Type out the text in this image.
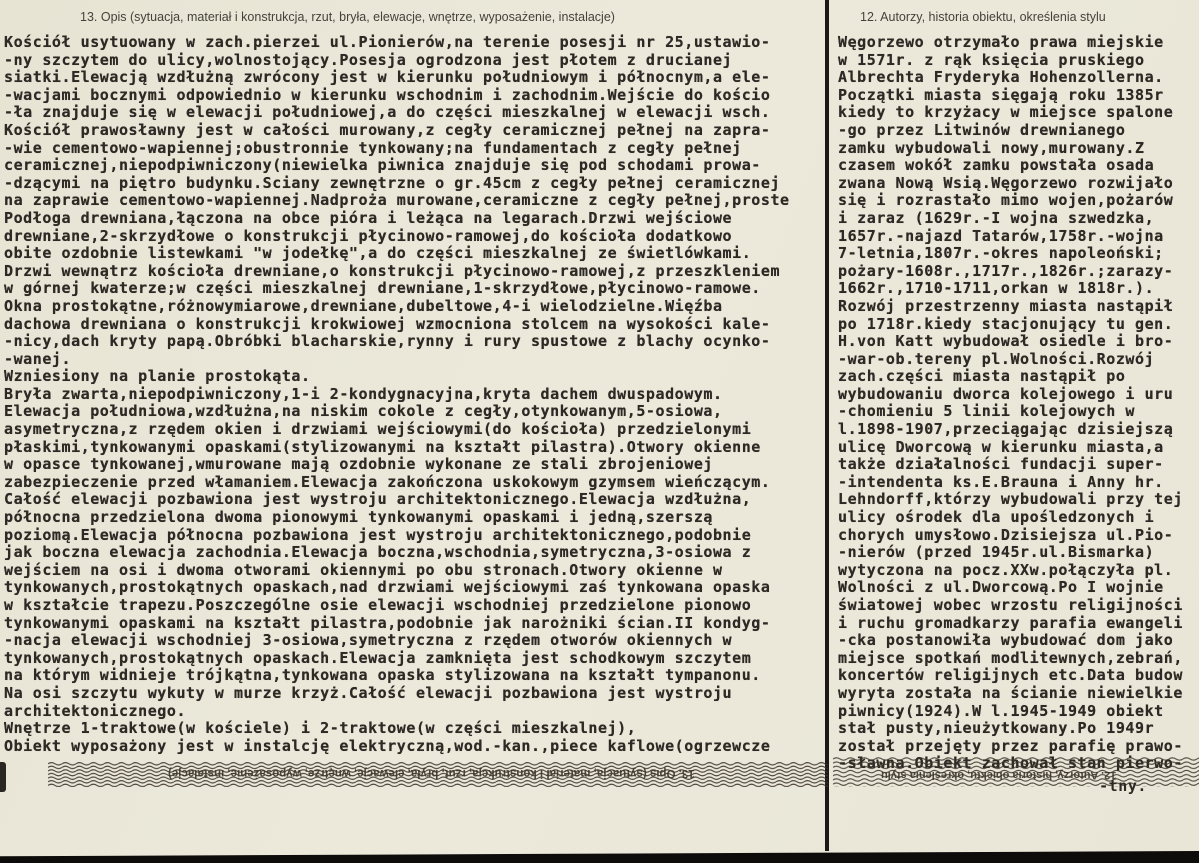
13. Opis (sytuacja, materiał i konstrukcja, rzut, bryła, elewacje, wnętrze, wyposażenie, instalacje)
Kościół usytuowany w zach.pierzei ul.Pionierów,na terenie posesji nr 25,ustawio-
-ny szczytem do ulicy,wolnostojący.Posesja ogrodzona jest płotem z drucianej
siatki.Elewacją wzdłużną zwrócony jest w kierunku południowym i północnym,a ele-
-wacjami bocznymi odpowiednio w kierunku wschodnim i zachodnim.Wejście do kościo
-ła znajduje się w elewacji południowej,a do części mieszkalnej w elewacji wsch.
Kościół prawosławny jest w całości murowany,z cegły ceramicznej pełnej na zapra-
-wie cementowo-wapiennej;obustronnie tynkowany;na fundamentach z cegły pełnej
ceramicznej,niepodpiwniczony(niewielka piwnica znajduje się pod schodami prowa-
-dzącymi na piętro budynku.Sciany zewnętrzne o gr.45cm z cegły pełnej ceramicznej
na zaprawie cementowo-wapiennej.Nadproża murowane,ceramiczne z cegły pełnej,proste
Podłoga drewniana,łączona na obce pióra i leżąca na legarach.Drzwi wejściowe
drewniane,2-skrzydłowe o konstrukcji płycinowo-ramowej,do kościoła dodatkowo
obite ozdobnie listewkami "w jodełkę",a do części mieszkalnej ze świetlówkami.
Drzwi wewnątrz kościoła drewniane,o konstrukcji płycinowo-ramowej,z przeszkleniem
w górnej kwaterze;w części mieszkalnej drewniane,1-skrzydłowe,płycinowo-ramowe.
Okna prostokątne,różnowymiarowe,drewniane,dubeltowe,4-i wielodzielne.Więźba
dachowa drewniana o konstrukcji krokwiowej wzmocniona stolcem na wysokości kale-
-nicy,dach kryty papą.Obróbki blacharskie,rynny i rury spustowe z blachy ocynko-
-wanej.
Wzniesiony na planie prostokąta.
Bryła zwarta,niepodpiwniczony,1-i 2-kondygnacyjna,kryta dachem dwuspadowym.
Elewacja południowa,wzdłużna,na niskim cokole z cegły,otynkowanym,5-osiowa,
asymetryczna,z rzędem okien i drzwiami wejściowymi(do kościoła) przedzielonymi
płaskimi,tynkowanymi opaskami(stylizowanymi na kształt pilastra).Otwory okienne
w opasce tynkowanej,wmurowane mają ozdobnie wykonane ze stali zbrojeniowej
zabezpieczenie przed włamaniem.Elewacja zakończona uskokowym gzymsem wieńczącym.
Całość elewacji pozbawiona jest wystroju architektonicznego.Elewacja wzdłużna,
północna przedzielona dwoma pionowymi tynkowanymi opaskami i jedną,szerszą
poziomą.Elewacja północna pozbawiona jest wystroju architektonicznego,podobnie
jak boczna elewacja zachodnia.Elewacja boczna,wschodnia,symetryczna,3-osiowa z
wejściem na osi i dwoma otworami okiennymi po obu stronach.Otwory okienne w
tynkowanych,prostokątnych opaskach,nad drzwiami wejściowymi zaś tynkowana opaska
w kształcie trapezu.Poszczególne osie elewacji wschodniej przedzielone pionowo
tynkowanymi opaskami na kształt pilastra,podobnie jak narożniki ścian.II kondyg-
-nacja elewacji wschodniej 3-osiowa,symetryczna z rzędem otworów okiennych w
tynkowanych,prostokątnych opaskach.Elewacja zamknięta jest schodkowym szczytem
na którym widnieje trójkątna,tynkowana opaska stylizowana na kształt tympanonu.
Na osi szczytu wykuty w murze krzyż.Całość elewacji pozbawiona jest wystroju
architektonicznego.
Wnętrze 1-traktowe(w kościele) i 2-traktowe(w części mieszkalnej),
Obiekt wyposażony jest w instalcję elektryczną,wod.-kan.,piece kaflowe(ogrzewcze
12. Autorzy, historia obiektu, określenia stylu
Węgorzewo otrzymało prawa miejskie
w 1571r. z rąk księcia pruskiego
Albrechta Fryderyka Hohenzollerna.
Początki miasta sięgają roku 1385r
kiedy to krzyżacy w miejsce spalone
-go przez Litwinów drewnianego
zamku wybudowali nowy,murowany.Z
czasem wokół zamku powstała osada
zwana Nową Wsią.Węgorzewo rozwijało
się i rozrastało mimo wojen,pożarów
i zaraz (1629r.-I wojna szwedzka,
1657r.-najazd Tatarów,1758r.-wojna
7-letnia,1807r.-okres napoleoński;
pożary-1608r.,1717r.,1826r.;zarazy-
1662r.,1710-1711,orkan w 1818r.).
Rozwój przestrzenny miasta nastąpił
po 1718r.kiedy stacjonujący tu gen.
H.von Katt wybudował osiedle i bro-
-war-ob.tereny pl.Wolności.Rozwój
zach.części miasta nastąpił po
wybudowaniu dworca kolejowego i uru
-chomieniu 5 linii kolejowych w
l.1898-1907,przeciągając dzisiejszą
ulicę Dworcową w kierunku miasta,a
także działalności fundacji super-
-intendenta ks.E.Brauna i Anny hr.
Lehndorff,którzy wybudowali przy tej
ulicy ośrodek dla upośledzonych i
chorych umysłowo.Dzisiejsza ul.Pio-
-nierów (przed 1945r.ul.Bismarka)
wytyczona na pocz.XXw.połączyła pl.
Wolności z ul.Dworcową.Po I wojnie
światowej wobec wrzostu religijności
i ruchu gromadkarzy parafia ewangeli
-cka postanowiła wybudować dom jako
miejsce spotkań modlitewnych,zebrań,
koncertów religijnych etc.Data budow
wyryta została na ścianie niewielkie
piwnicy(1924).W l.1945-1949 obiekt
stał pusty,nieużytkowany.Po 1949r
został przejęty przez parafię prawo-
13. Opis (sytuacja, materiał i konstrukcja, rzut, bryła, elewacje, wnętrze, wyposażenie, instalacje)	12. Autorzy, historia obiektu, określenia stylu
-tny.
